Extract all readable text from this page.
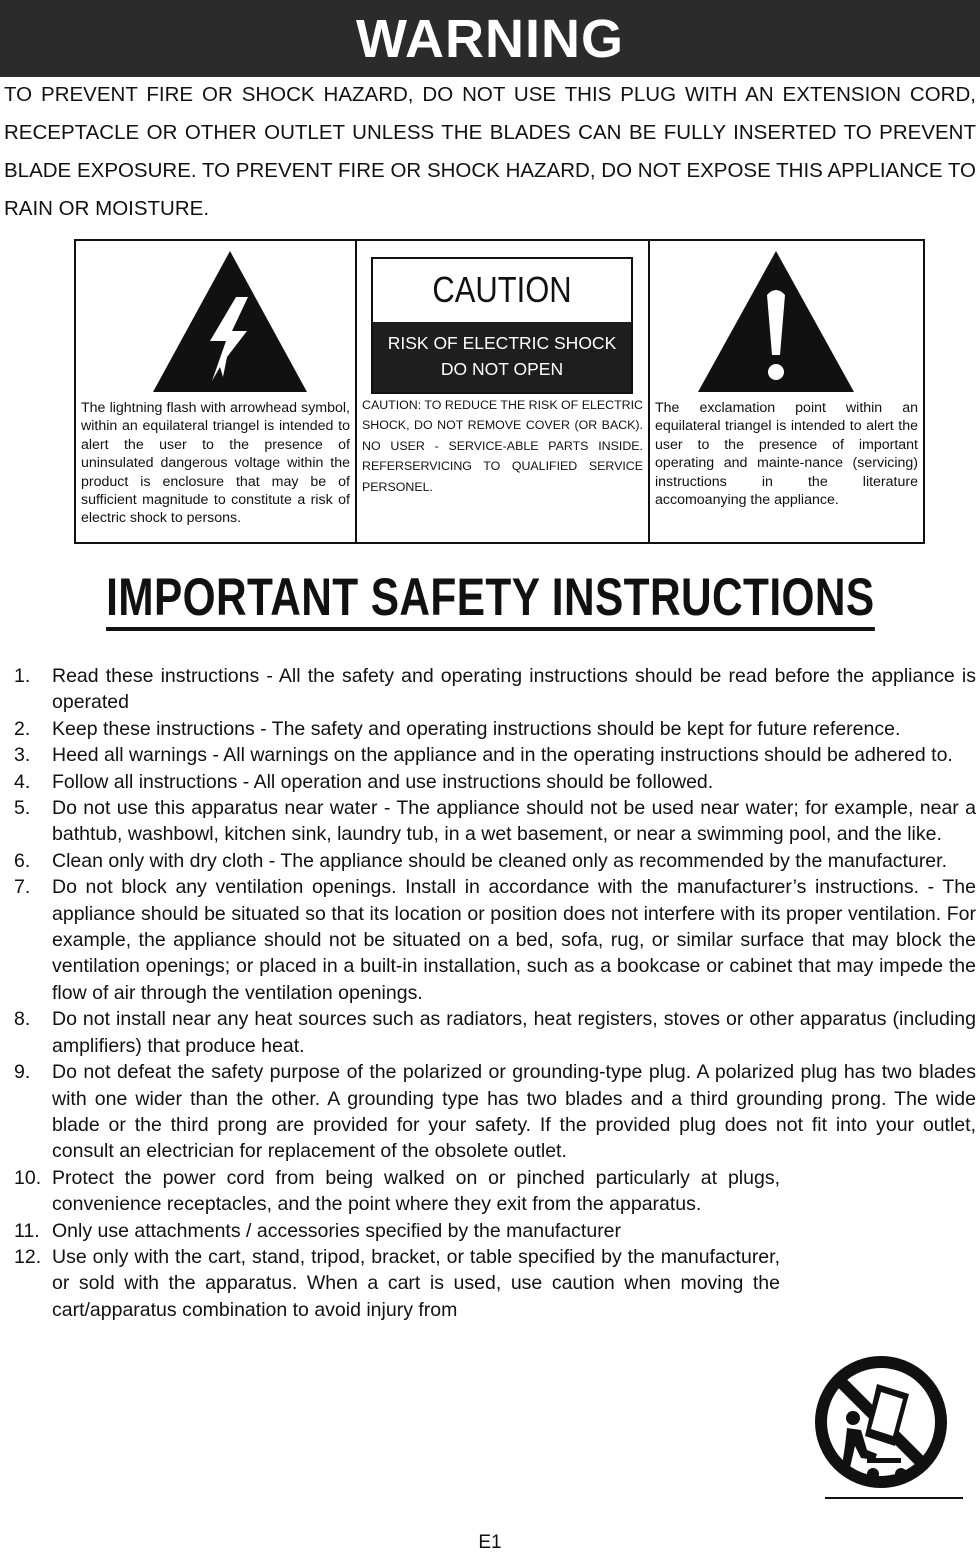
WARNING
TO PREVENT FIRE OR SHOCK HAZARD, DO NOT USE THIS PLUG WITH AN EXTENSION CORD, RECEPTACLE OR OTHER OUTLET UNLESS THE BLADES CAN BE FULLY INSERTED TO PREVENT BLADE EXPOSURE. TO PREVENT FIRE OR SHOCK HAZARD, DO NOT EXPOSE THIS APPLIANCE TO RAIN OR MOISTURE.
The lightning flash with arrowhead symbol, within an equilateral triangel is intended to alert the user to the presence of uninsulated dangerous voltage within the product is enclosure that may be of sufficient magnitude to constitute a risk of electric shock to persons.
CAUTION
RISK OF ELECTRIC SHOCK
DO NOT OPEN
CAUTION: TO REDUCE THE RISK OF ELECTRIC SHOCK, DO NOT REMOVE COVER (OR BACK). NO USER - SERVICE-ABLE PARTS INSIDE. REFERSERVICING TO QUALIFIED SERVICE PERSONEL.
The exclamation point within an equilateral triangel is intended to alert the user to the presence of important operating and mainte-nance (servicing) instructions in the literature accomoanying the appliance.
IMPORTANT SAFETY INSTRUCTIONS
1. Read these instructions - All the safety and operating instructions should be read before the appliance is operated
2. Keep these instructions - The safety and operating instructions should be kept for future reference.
3. Heed all warnings - All warnings on the appliance and in the operating instructions should be adhered to.
4. Follow all instructions - All operation and use instructions should be followed.
5. Do not use this apparatus near water - The appliance should not be used near water; for example, near a bathtub, washbowl, kitchen sink, laundry tub, in a wet basement, or near a swimming pool, and the like.
6. Clean only with dry cloth - The appliance should be cleaned only as recommended by the manufacturer.
7. Do not block any ventilation openings. Install in accordance with the manufacturer’s instructions. - The appliance should be situated so that its location or position does not interfere with its proper ventilation. For example, the appliance should not be situated on a bed, sofa, rug, or similar surface that may block the ventilation openings; or placed in a built-in installation, such as a bookcase or cabinet that may impede the flow of air through the ventilation openings.
8. Do not install near any heat sources such as radiators, heat registers, stoves or other apparatus (including amplifiers) that produce heat.
9. Do not defeat the safety purpose of the polarized or grounding-type plug. A polarized plug has two blades with one wider than the other. A grounding type has two blades and a third grounding prong. The wide blade or the third prong are provided for your safety. If the provided plug does not fit into your outlet, consult an electrician for replacement of the obsolete outlet.
10. Protect the power cord from being walked on or pinched particularly at plugs, convenience receptacles, and the point where they exit from the apparatus.
11. Only use attachments / accessories specified by the manufacturer
12. Use only with the cart, stand, tripod, bracket, or table specified by the manufacturer, or sold with the apparatus. When a cart is used, use caution when moving the cart/apparatus combination to avoid injury from
E1
